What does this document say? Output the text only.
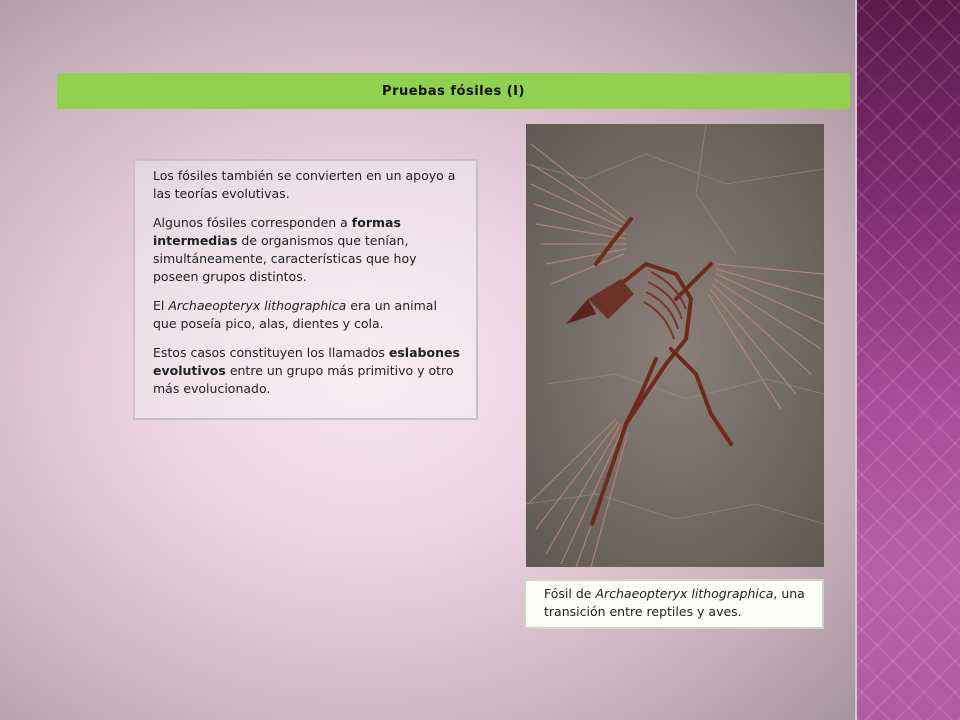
Pruebas fósiles (I)

Los fósiles también se convierten en un apoyo a las teorías evolutivas.

Algunos fósiles corresponden a formas intermedias de organismos que tenían, simultáneamente, características que hoy poseen grupos distintos.

El Archaeopteryx lithographica era un animal que poseía pico, alas, dientes y cola.

Estos casos constituyen los llamados eslabones evolutivos entre un grupo más primitivo y otro más evolucionado.

Fósil de Archaeopteryx lithographica, una transición entre reptiles y aves.
